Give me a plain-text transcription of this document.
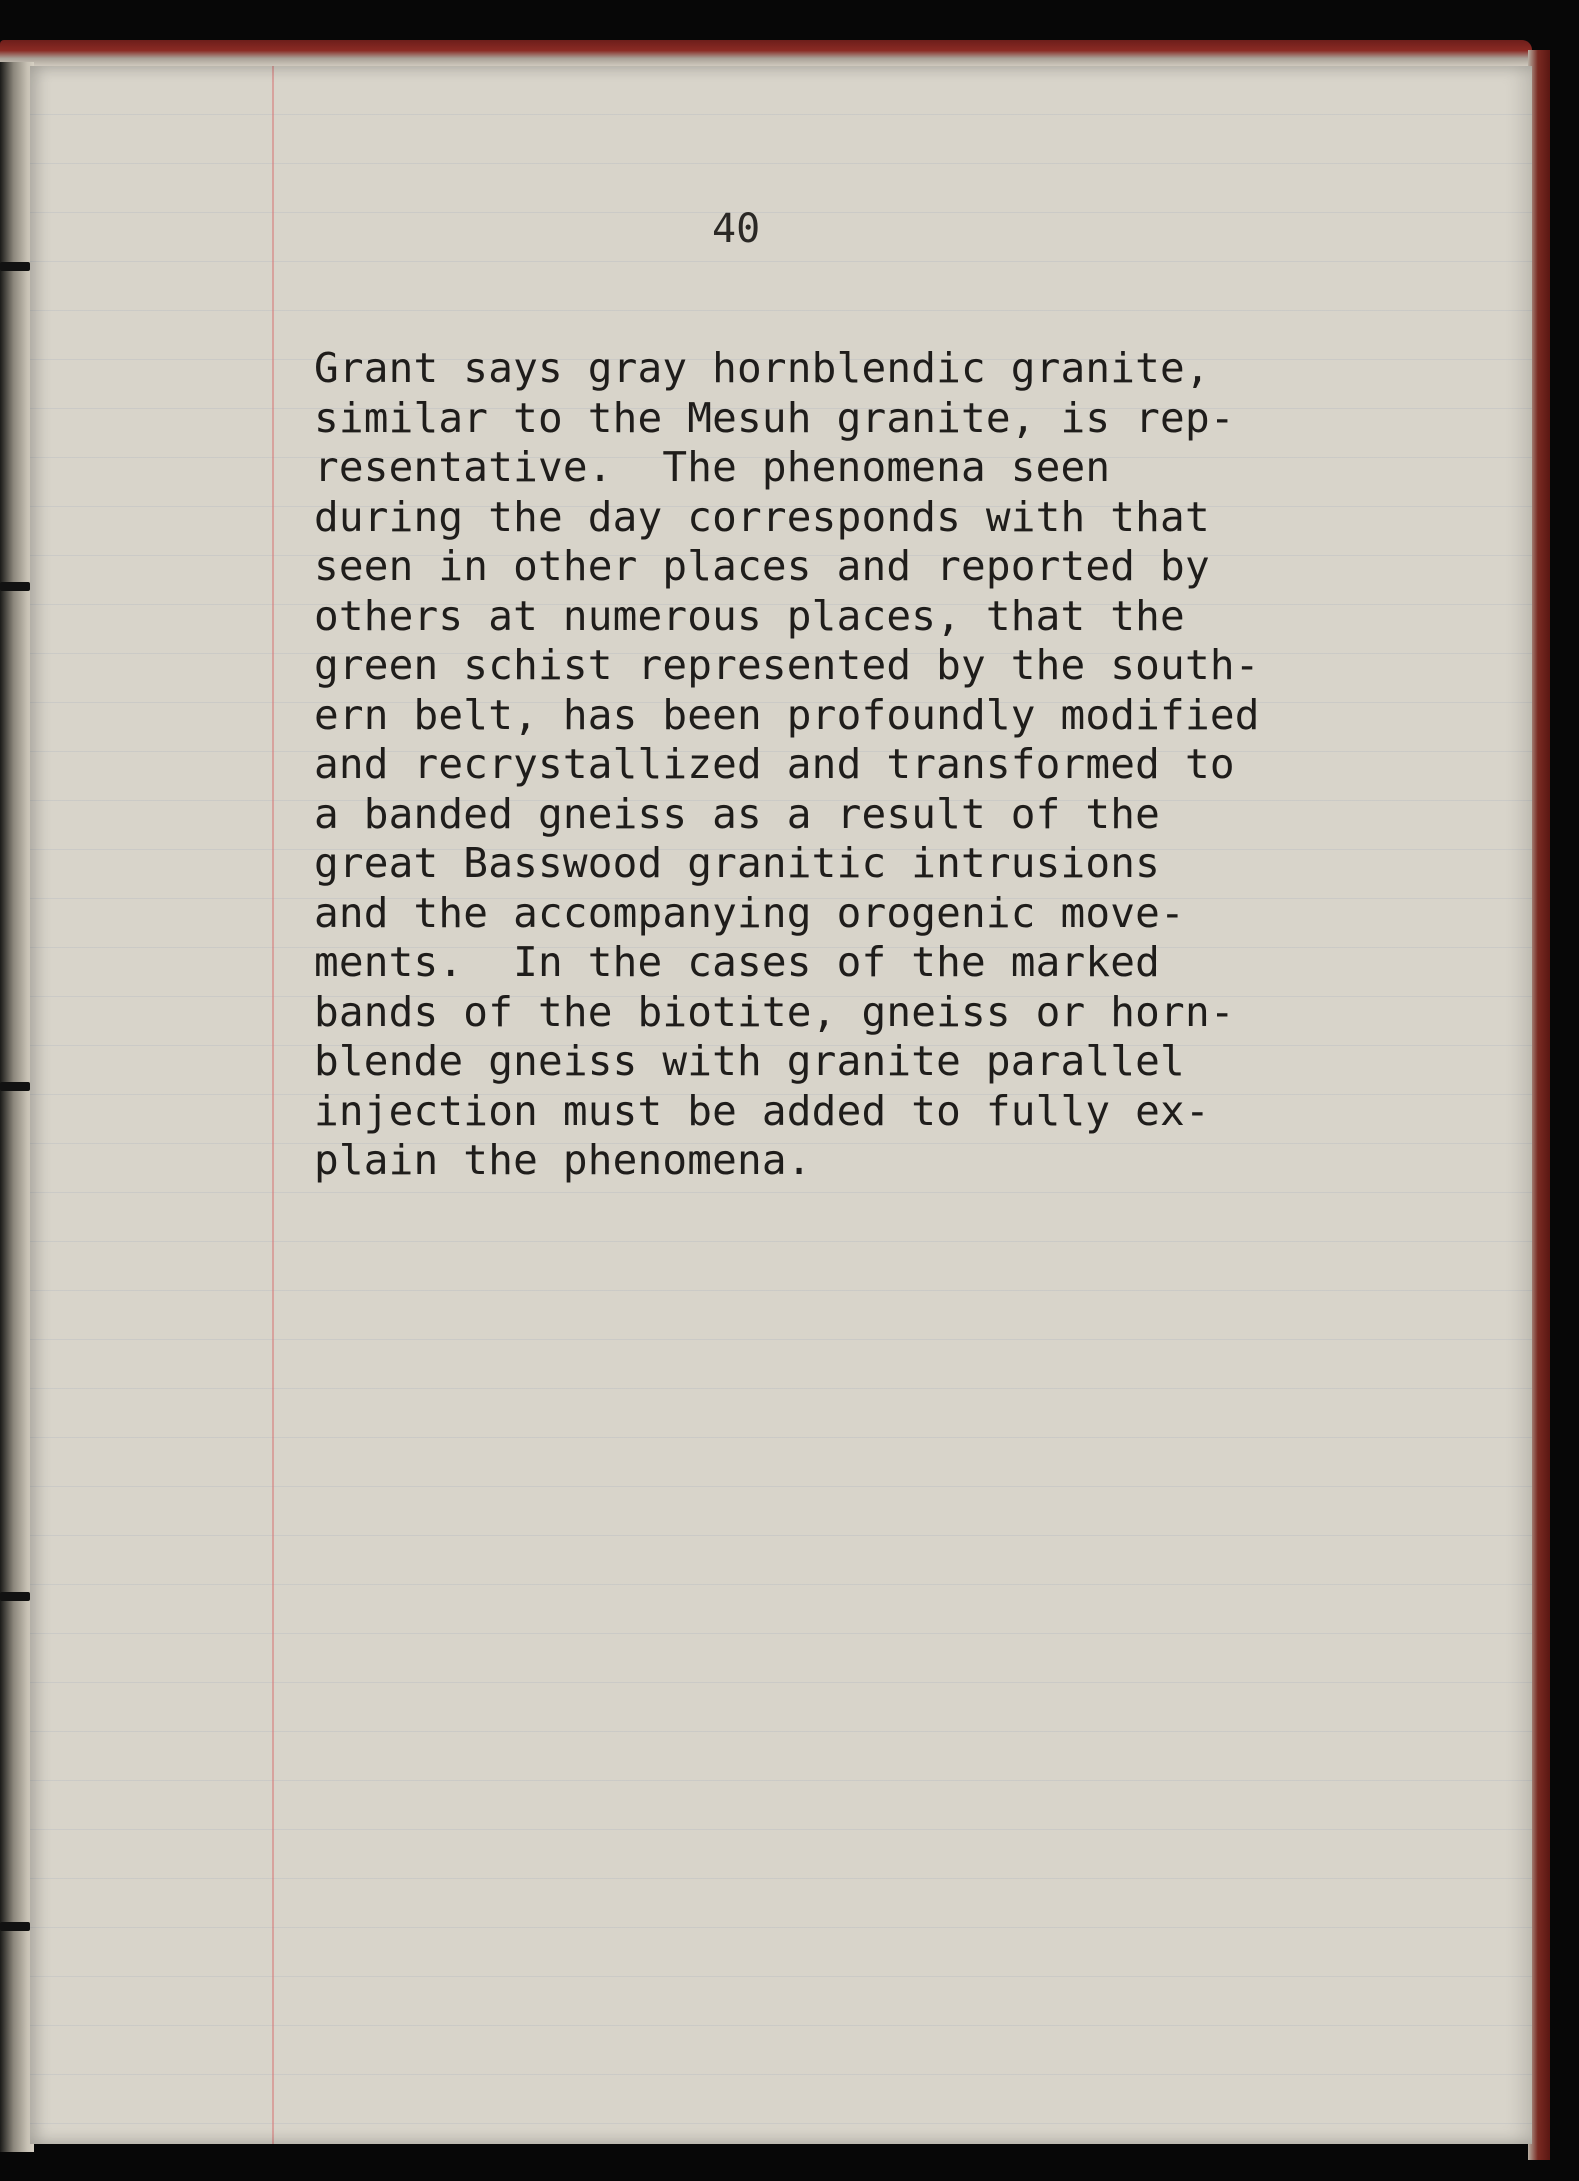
40

Grant says gray hornblendic granite,
similar to the Mesuh granite, is rep-
resentative.  The phenomena seen
during the day corresponds with that
seen in other places and reported by
others at numerous places, that the
green schist represented by the south-
ern belt, has been profoundly modified
and recrystallized and transformed to
a banded gneiss as a result of the
great Basswood granitic intrusions
and the accompanying orogenic move-
ments.  In the cases of the marked
bands of the biotite, gneiss or horn-
blende gneiss with granite parallel
injection must be added to fully ex-
plain the phenomena.
